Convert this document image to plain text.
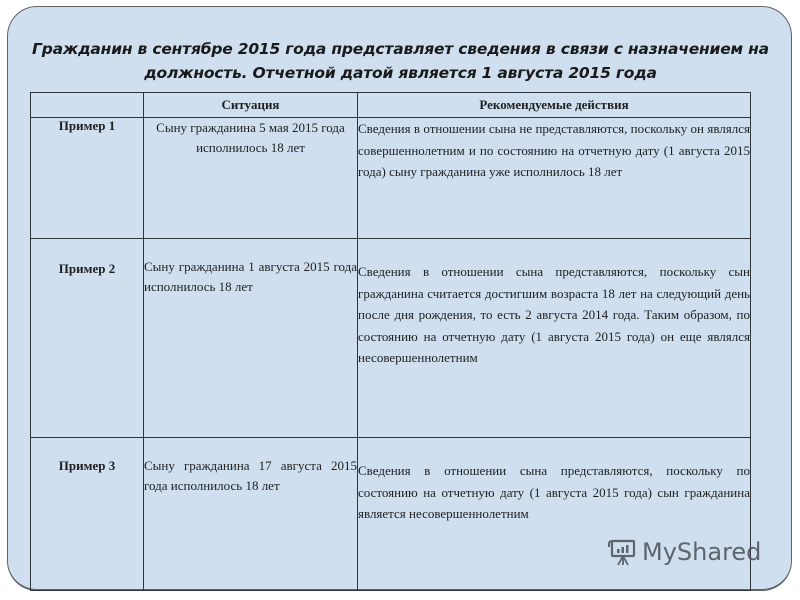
Гражданин в сентябре 2015 года представляет сведения в связи с назначением на
должность. Отчетной датой является 1 августа 2015 года
	Ситуация	Рекомендуемые действия
Пример 1	Сыну гражданина 5 мая 2015 года исполнилось 18 лет	Сведения в отношении сына не представляются, поскольку он являлся совершеннолетним и по состоянию на отчетную дату (1 августа 2015 года) сыну гражданина уже исполнилось 18 лет
Пример 2	Сыну гражданина 1 августа 2015 года исполнилось 18 лет	Сведения в отношении сына представляются, поскольку сын гражданина считается достигшим возраста 18 лет на следующий день после дня рождения, то есть 2 августа 2014 года. Таким образом, по состоянию на отчетную дату (1 августа 2015 года) он еще являлся несовершеннолетним
Пример 3	Сыну гражданина 17 августа 2015 года исполнилось 18 лет	Сведения в отношении сына представляются, поскольку по состоянию на отчетную дату (1 августа 2015 года) сын гражданина является несовершеннолетним
MyShared
